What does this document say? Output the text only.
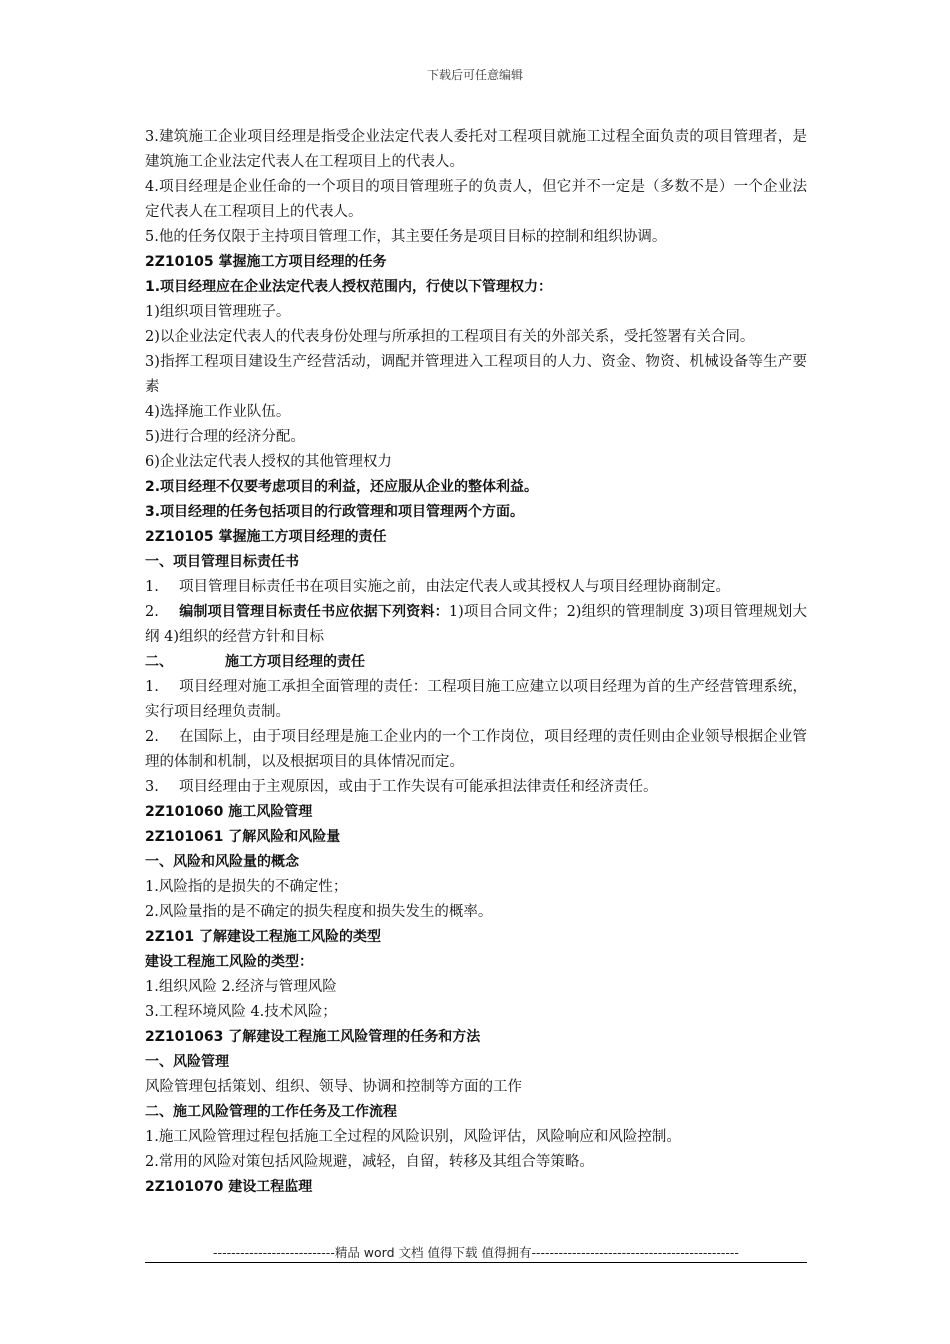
下载后可任意编辑

3.建筑施工企业项目经理是指受企业法定代表人委托对工程项目就施工过程全面负责的项目管理者，是建筑施工企业法定代表人在工程项目上的代表人。

4.项目经理是企业任命的一个项目的项目管理班子的负责人，但它并不一定是（多数不是）一个企业法定代表人在工程项目上的代表人。

5.他的任务仅限于主持项目管理工作，其主要任务是项目目标的控制和组织协调。

2Z10105 掌握施工方项目经理的任务

1.项目经理应在企业法定代表人授权范围内，行使以下管理权力：

1)组织项目管理班子。

2)以企业法定代表人的代表身份处理与所承担的工程项目有关的外部关系，受托签署有关合同。

3)指挥工程项目建设生产经营活动，调配并管理进入工程项目的人力、资金、物资、机械设备等生产要素

4)选择施工作业队伍。

5)进行合理的经济分配。

6)企业法定代表人授权的其他管理权力

2.项目经理不仅要考虑项目的利益，还应服从企业的整体利益。

3.项目经理的任务包括项目的行政管理和项目管理两个方面。

2Z10105 掌握施工方项目经理的责任

一、项目管理目标责任书

1. 项目管理目标责任书在项目实施之前，由法定代表人或其授权人与项目经理协商制定。

2. 编制项目管理目标责任书应依据下列资料：1)项目合同文件；2)组织的管理制度 3)项目管理规划大纲 4)组织的经营方针和目标

二、	施工方项目经理的责任

1. 项目经理对施工承担全面管理的责任：工程项目施工应建立以项目经理为首的生产经营管理系统，实行项目经理负责制。

2. 在国际上，由于项目经理是施工企业内的一个工作岗位，项目经理的责任则由企业领导根据企业管理的体制和机制，以及根据项目的具体情况而定。

3. 项目经理由于主观原因，或由于工作失误有可能承担法律责任和经济责任。

2Z101060 施工风险管理

2Z101061 了解风险和风险量

一、风险和风险量的概念

1.风险指的是损失的不确定性；

2.风险量指的是不确定的损失程度和损失发生的概率。

2Z101 了解建设工程施工风险的类型

建设工程施工风险的类型：

1.组织风险 2.经济与管理风险

3.工程环境风险 4.技术风险；

2Z101063 了解建设工程施工风险管理的任务和方法

一、风险管理

风险管理包括策划、组织、领导、协调和控制等方面的工作

二、施工风险管理的工作任务及工作流程

1.施工风险管理过程包括施工全过程的风险识别，风险评估，风险响应和风险控制。

2.常用的风险对策包括风险规避，减轻，自留，转移及其组合等策略。

2Z101070 建设工程监理

---------------------------精品 word 文档 值得下载 值得拥有----------------------------------------------
